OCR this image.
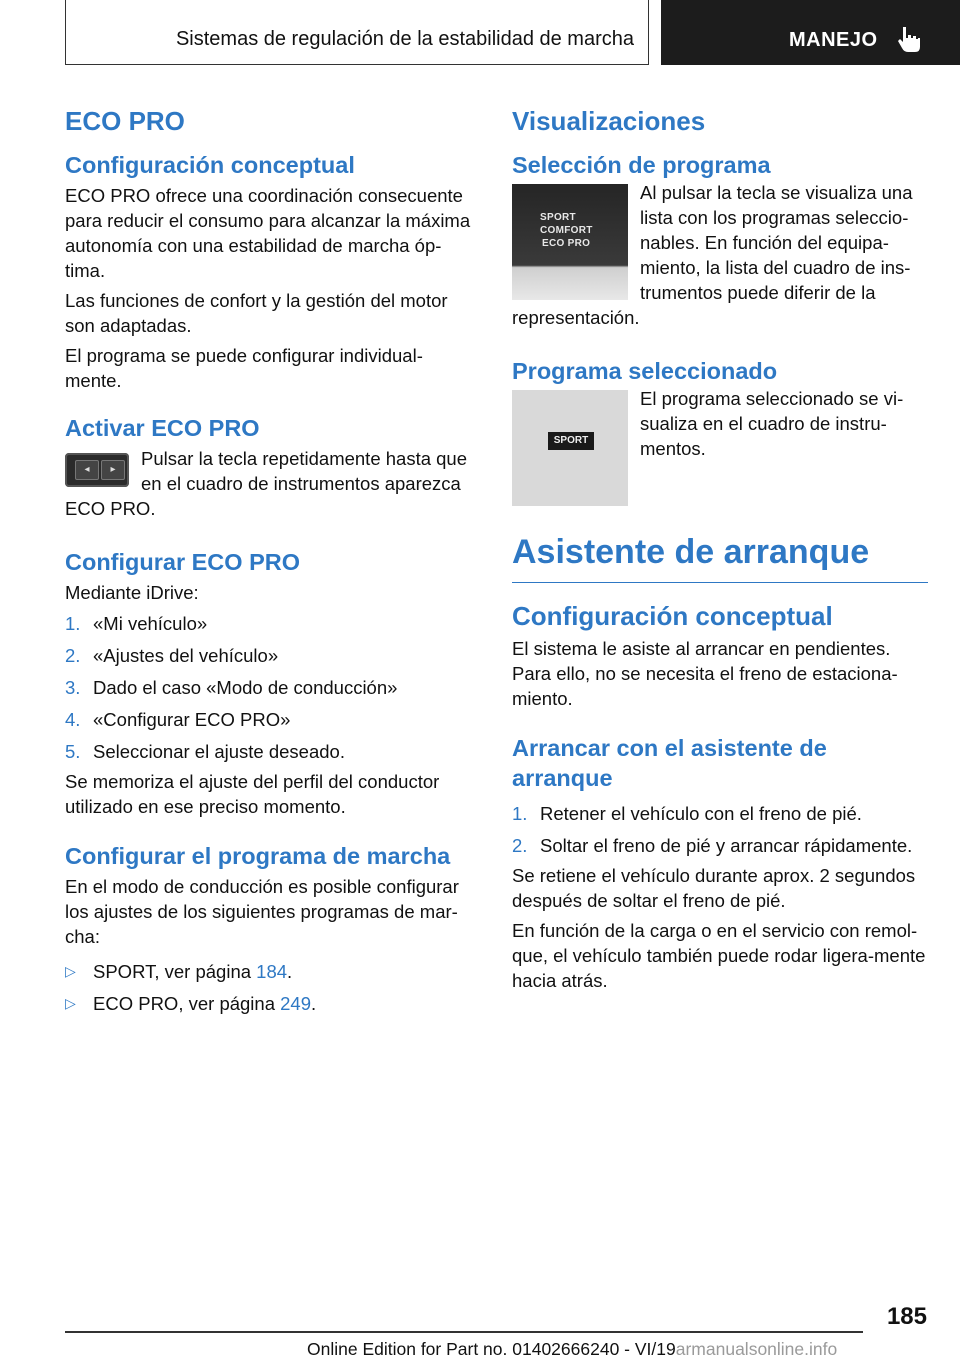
Sistemas de regulación de la estabilidad de marcha	MANEJO
ECO PRO
Configuración conceptual

ECO PRO ofrece una coordinación consecuente para reducir el consumo para alcanzar la máxima autonomía con una estabilidad de marcha óp-tima.

Las funciones de confort y la gestión del motor son adaptadas.

El programa se puede configurar individual-mente.

Activar ECO PRO
◂	▸

Pulsar la tecla repetidamente hasta que en el cuadro de instrumentos aparezca ECO PRO.

Configurar ECO PRO

Mediante iDrive:

1. «Mi vehículo»
2. «Ajustes del vehículo»
3. Dado el caso «Modo de conducción»
4. «Configurar ECO PRO»
5. Seleccionar el ajuste deseado.

Se memoriza el ajuste del perfil del conductor utilizado en ese preciso momento.

Configurar el programa de marcha

En el modo de conducción es posible configurar los ajustes de los siguientes programas de mar-cha:

▷ SPORT, ver página 184.
▷ ECO PRO, ver página 249.
Visualizaciones
Selección de programa
SPORT
COMFORT
ECO PRO

Al pulsar la tecla se visualiza una lista con los programas seleccio-nables. En función del equipa-miento, la lista del cuadro de ins-trumentos puede diferir de la representación.

Programa seleccionado
SPORT

El programa seleccionado se vi-sualiza en el cuadro de instru-mentos.

Asistente de arranque
Configuración conceptual

El sistema le asiste al arrancar en pendientes. Para ello, no se necesita el freno de estaciona-miento.

Arrancar con el asistente de arranque
1. Retener el vehículo con el freno de pié.
2. Soltar el freno de pié y arrancar rápidamente.

Se retiene el vehículo durante aprox. 2 segundos después de soltar el freno de pié.

En función de la carga o en el servicio con remol-que, el vehículo también puede rodar ligera-mente hacia atrás.

185
Online Edition for Part no. 01402666240 - VI/19armanualsonline.info
